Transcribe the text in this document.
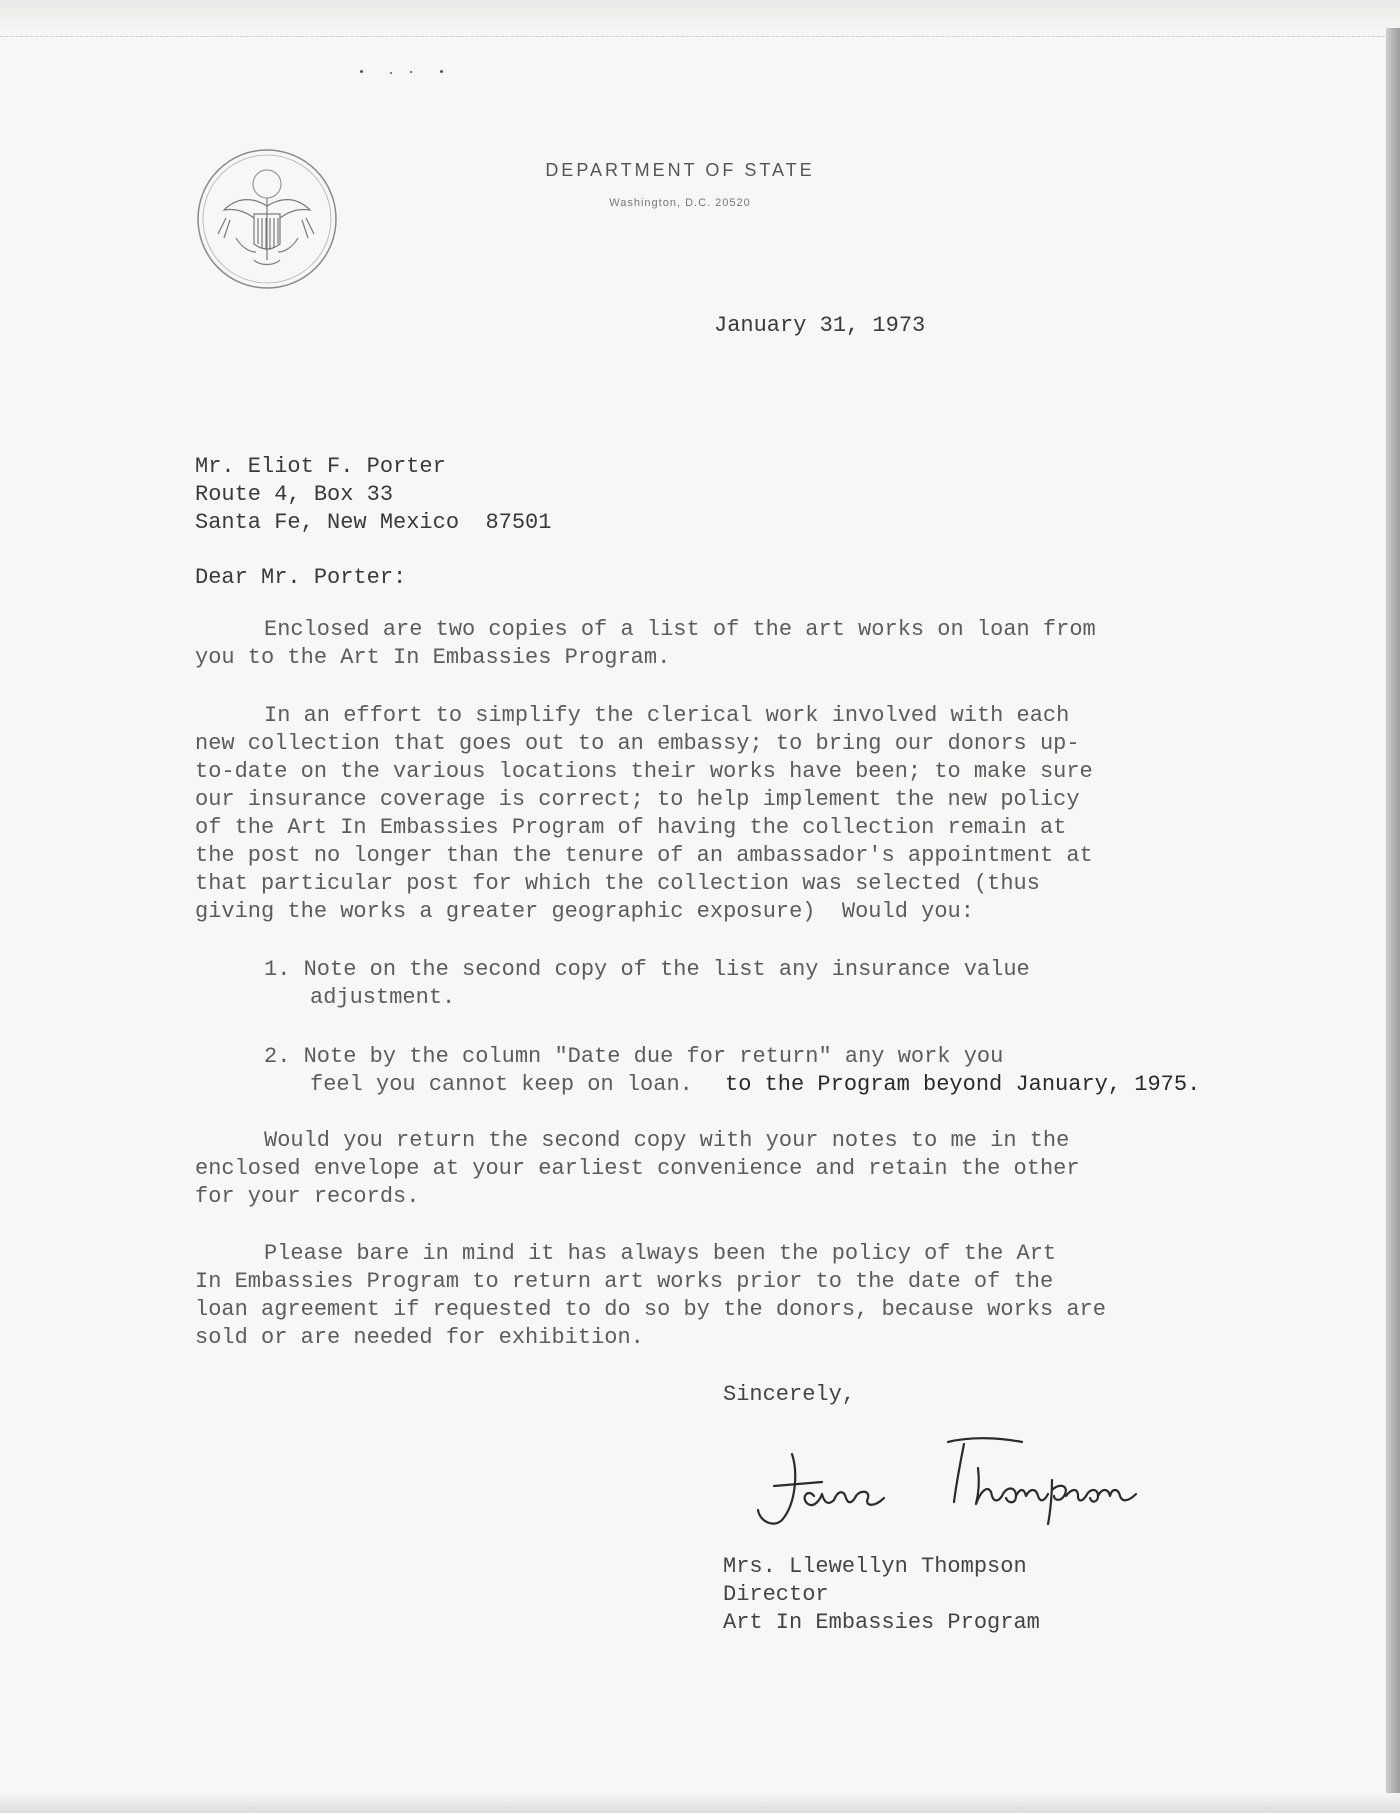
DEPARTMENT OF STATE
Washington, D.C. 20520
January 31, 1973
Mr. Eliot F. Porter
Route 4, Box 33
Santa Fe, New Mexico  87501
Dear Mr. Porter:
Enclosed are two copies of a list of the art works on loan from
you to the Art In Embassies Program.
In an effort to simplify the clerical work involved with each
new collection that goes out to an embassy; to bring our donors up-
to-date on the various locations their works have been; to make sure
our insurance coverage is correct; to help implement the new policy
of the Art In Embassies Program of having the collection remain at
the post no longer than the tenure of an ambassador's appointment at
that particular post for which the collection was selected (thus
giving the works a greater geographic exposure)  Would you:
1. Note on the second copy of the list any insurance value
adjustment.
2. Note by the column "Date due for return" any work you
feel you cannot keep on loan. to the Program beyond January, 1975.
Would you return the second copy with your notes to me in the
enclosed envelope at your earliest convenience and retain the other
for your records.
Please bare in mind it has always been the policy of the Art
In Embassies Program to return art works prior to the date of the
loan agreement if requested to do so by the donors, because works are
sold or are needed for exhibition.
Sincerely,
Mrs. Llewellyn Thompson
Director
Art In Embassies Program
